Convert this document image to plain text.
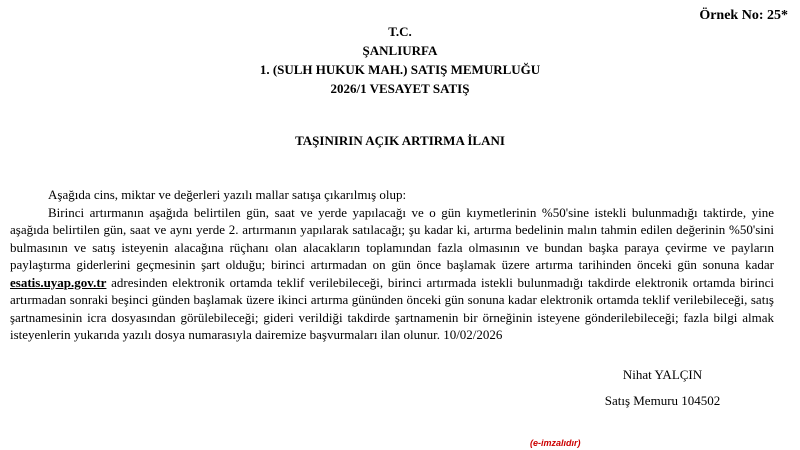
Örnek No: 25*
T.C.
ŞANLIURFA
1. (SULH HUKUK MAH.) SATIŞ MEMURLUĞU
2026/1 VESAYET SATIŞ
TAŞINIRIN AÇIK ARTIRMA İLANI

Aşağıda cins, miktar ve değerleri yazılı mallar satışa çıkarılmış olup:

Birinci artırmanın aşağıda belirtilen gün, saat ve yerde yapılacağı ve o gün kıymetlerinin %50'sine istekli bulunmadığı taktirde, yine aşağıda belirtilen gün, saat ve aynı yerde 2. artırmanın yapılarak satılacağı; şu kadar ki, artırma bedelinin malın tahmin edilen değerinin %50'sini bulmasının ve satış isteyenin alacağına rüçhanı olan alacakların toplamından fazla olmasının ve bundan başka paraya çevirme ve payların paylaştırma giderlerini geçmesinin şart olduğu; birinci artırmadan on gün önce başlamak üzere artırma tarihinden önceki gün sonuna kadar esatis.uyap.gov.tr adresinden elektronik ortamda teklif verilebileceği, birinci artırmada istekli bulunmadığı takdirde elektronik ortamda birinci artırmadan sonraki beşinci günden başlamak üzere ikinci artırma gününden önceki gün sonuna kadar elektronik ortamda teklif verilebileceği, satış şartnamesinin icra dosyasından görülebileceği; gideri verildiği takdirde şartnamenin bir örneğinin isteyene gönderilebileceği; fazla bilgi almak isteyenlerin yukarıda yazılı dosya numarasıyla dairemize başvurmaları ilan olunur. 10/02/2026

Nihat YALÇIN
Satış Memuru 104502
(e-imzalıdır)
